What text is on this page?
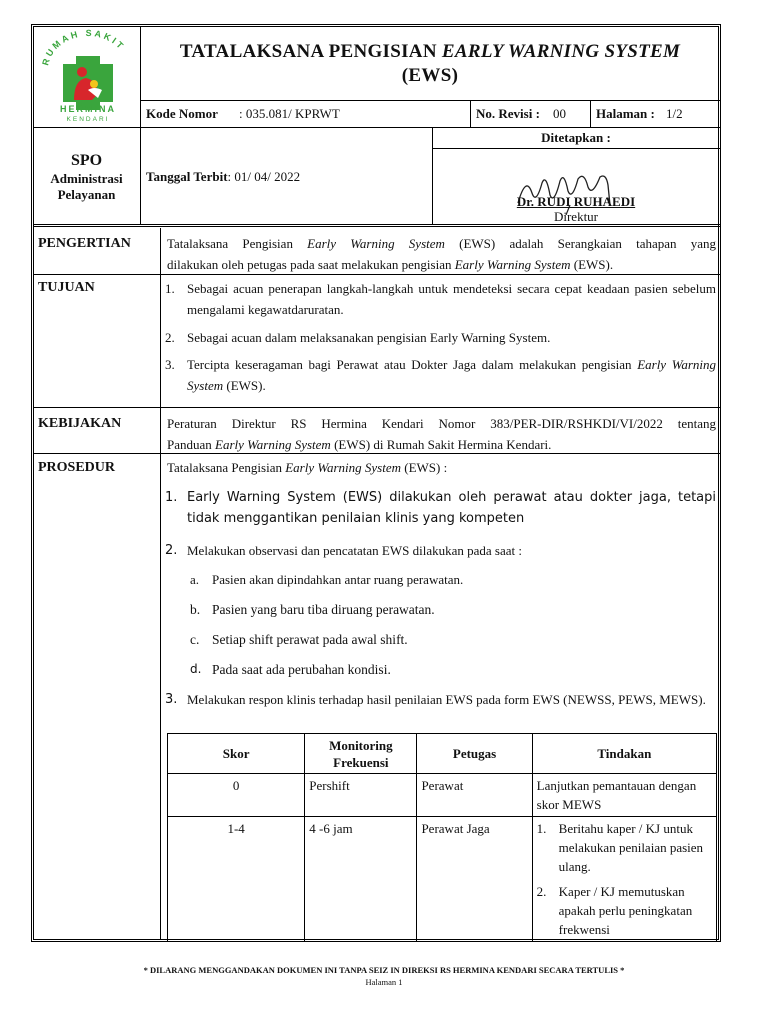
RUMAH SAKIT
HERMINA
KENDARI
TATALAKSANA PENGISIAN EARLY WARNING SYSTEM
(EWS)
Kode Nomor : 035.081/ KPRWT	No. Revisi : 00 Halaman : 1/2
SPO
Administrasi
Pelayanan
Tanggal Terbit: 01/ 04/ 2022
Ditetapkan :
Dr. RUDI RUHAEDI
Direktur
PENGERTIAN	Tatalaksana Pengisian Early Warning System (EWS) adalah Serangkaian tahapan yang
dilakukan oleh petugas pada saat melakukan pengisian Early Warning System (EWS).
TUJUAN	1. Sebagai acuan penerapan langkah-langkah untuk mendeteksi secara cepat keadaan pasien sebelum mengalami kegawatdaruratan.
2. Sebagai acuan dalam melaksanakan pengisian Early Warning System.
3. Tercipta keseragaman bagi Perawat atau Dokter Jaga dalam melakukan pengisian Early Warning System (EWS).
KEBIJAKAN	Peraturan Direktur RS Hermina Kendari Nomor 383/PER-DIR/RSHKDI/VI/2022 tentang
Panduan Early Warning System (EWS) di Rumah Sakit Hermina Kendari.
PROSEDUR	Tatalaksana Pengisian Early Warning System (EWS) :
1. Early Warning System (EWS) dilakukan oleh perawat atau dokter jaga, tetapi tidak menggantikan penilaian klinis yang kompeten
2. Melakukan observasi dan pencatatan EWS dilakukan pada saat :
a. Pasien akan dipindahkan antar ruang perawatan.
b. Pasien yang baru tiba diruang perawatan.
c. Setiap shift perawat pada awal shift.
d. Pada saat ada perubahan kondisi.
3. Melakukan respon klinis terhadap hasil penilaian EWS pada form EWS (NEWSS, PEWS, MEWS).
Skor	Monitoring Frekuensi	Petugas	Tindakan
0	Pershift	Perawat	Lanjutkan pemantauan dengan skor MEWS
1-4	4 -6 jam	Perawat Jaga	1. Beritahu kaper / KJ untuk melakukan penilaian pasien ulang.
2. Kaper / KJ memutuskan apakah perlu peningkatan frekwensi
* DILARANG MENGGANDAKAN DOKUMEN INI TANPA SEIZ IN DIREKSI RS HERMINA KENDARI SECARA TERTULIS *
Halaman 1
